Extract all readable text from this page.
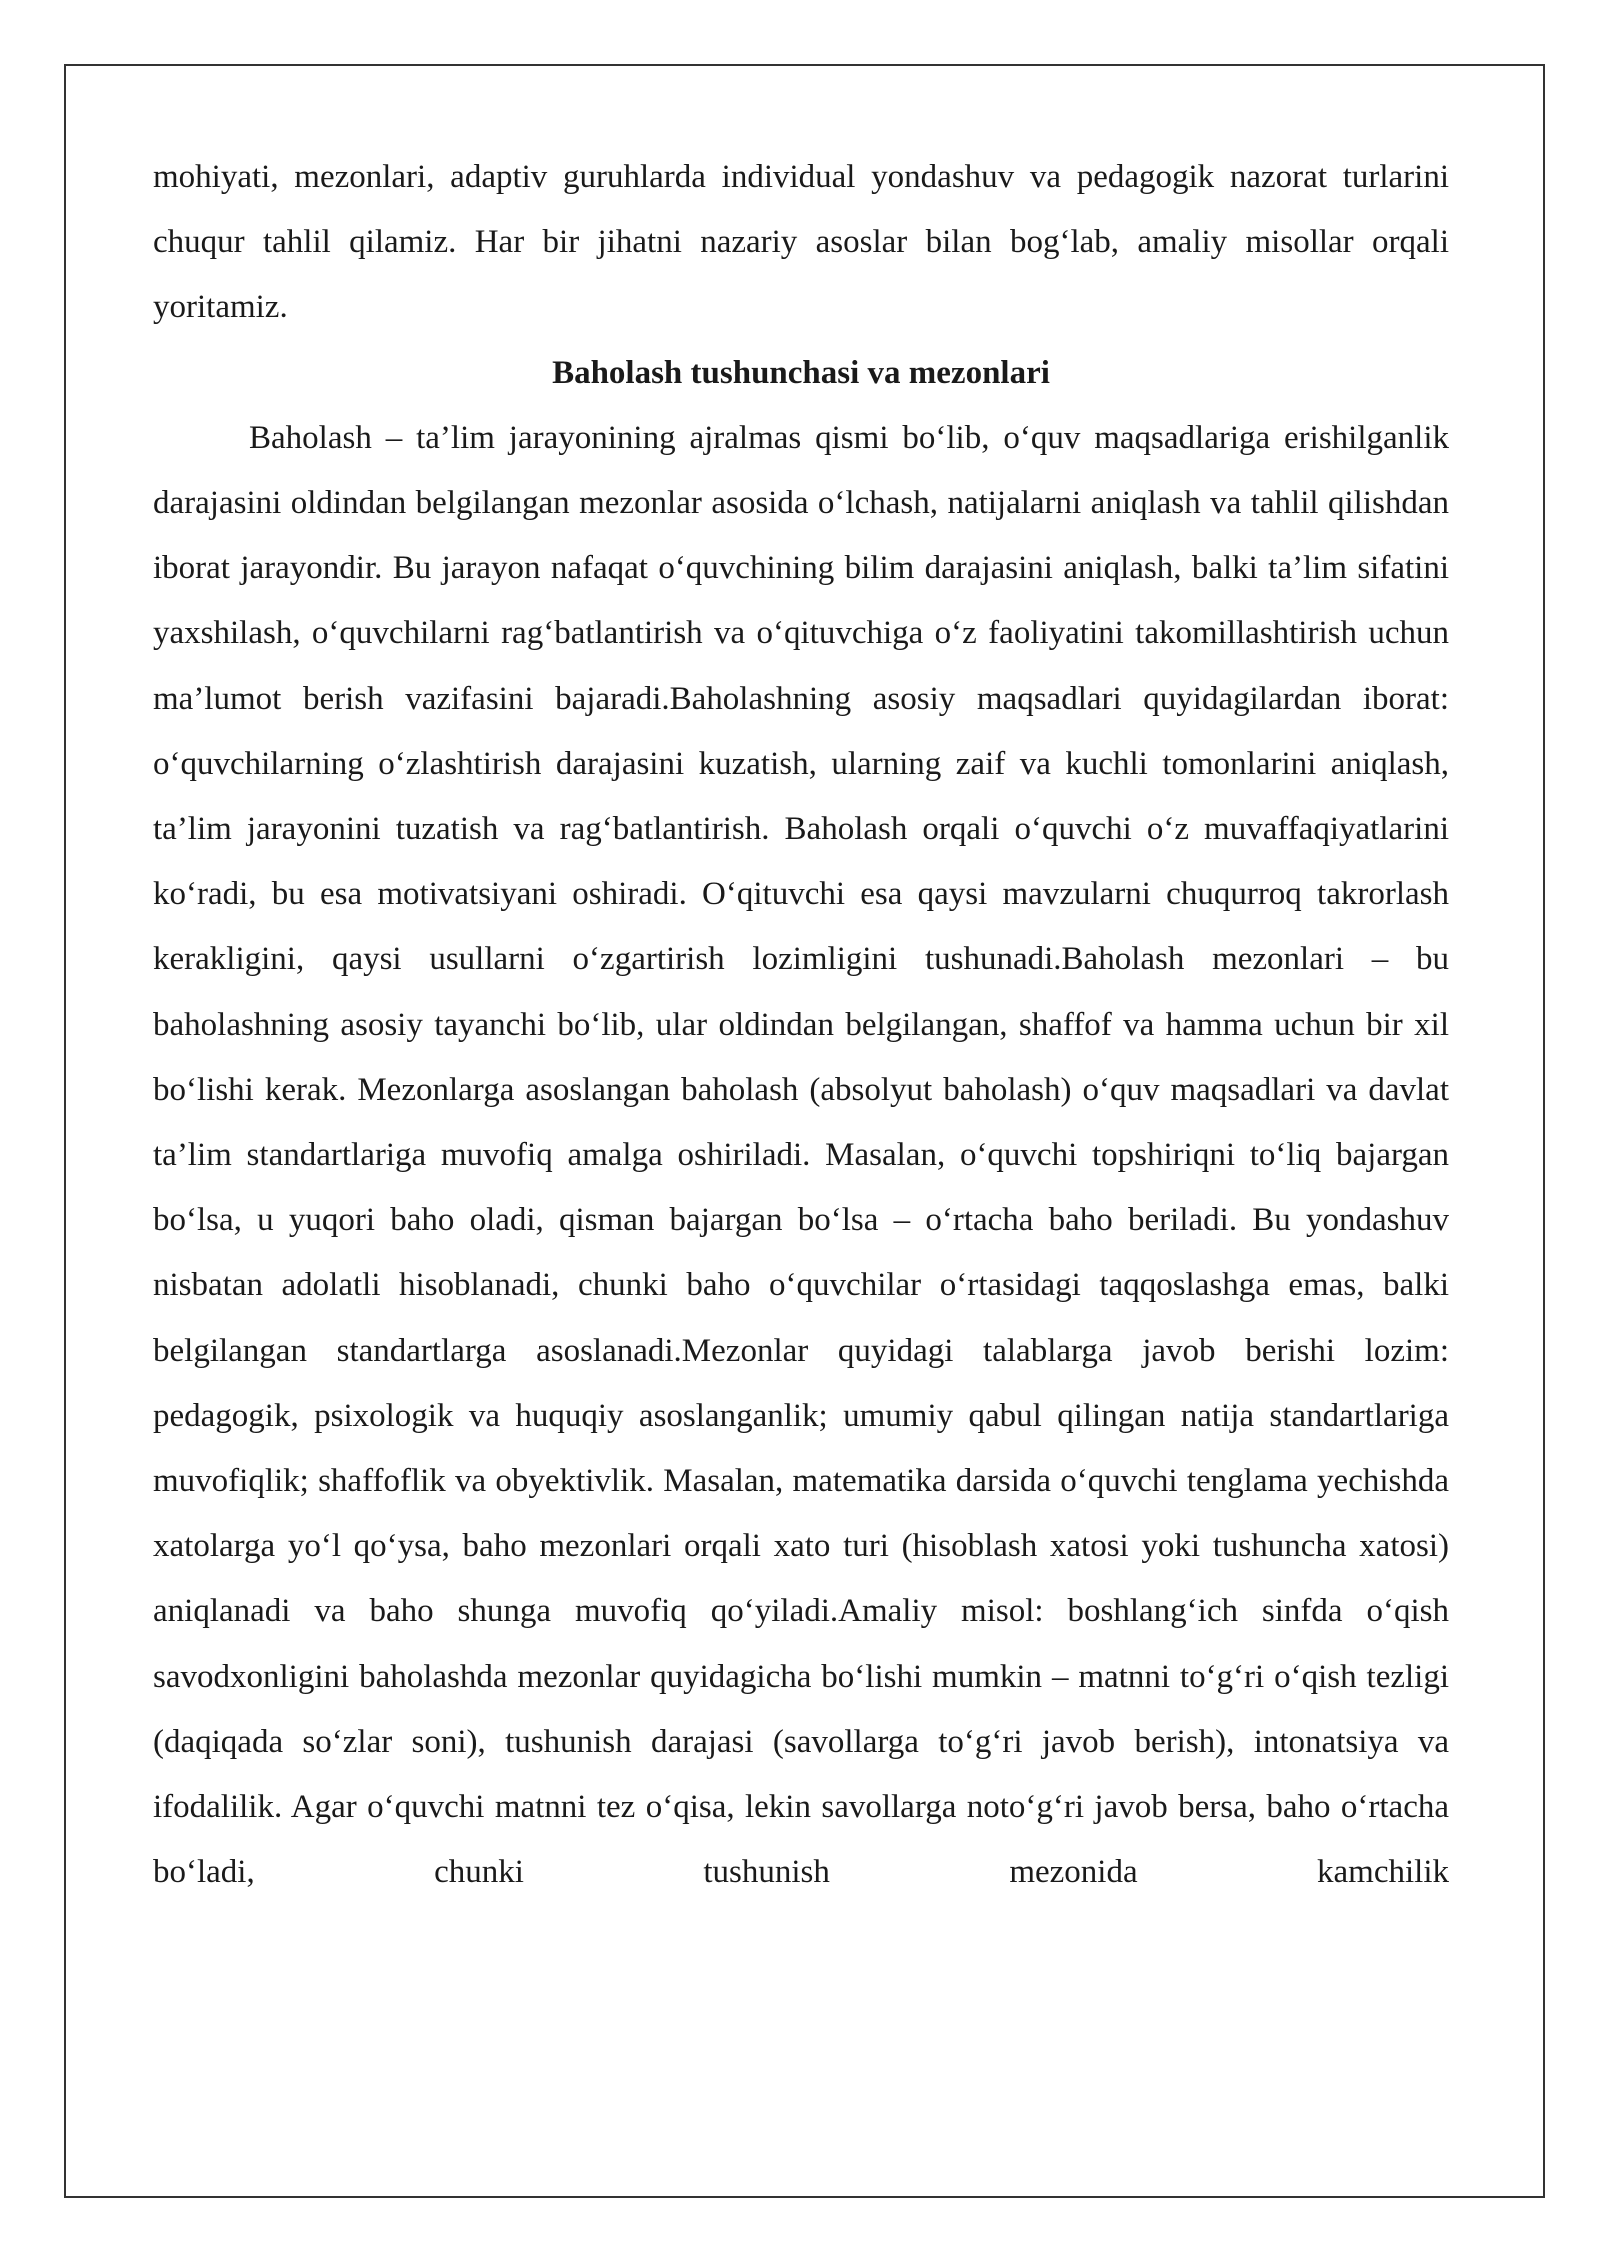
mohiyati, mezonlari, adaptiv guruhlarda individual yondashuv va pedagogik nazorat turlarini chuqur tahlil qilamiz. Har bir jihatni nazariy asoslar bilan bog‘lab, amaliy misollar orqali yoritamiz.

Baholash tushunchasi va mezonlari

Baholash – ta’lim jarayonining ajralmas qismi bo‘lib, o‘quv maqsadlariga erishilganlik darajasini oldindan belgilangan mezonlar asosida o‘lchash, natijalarni aniqlash va tahlil qilishdan iborat jarayondir. Bu jarayon nafaqat o‘quvchining bilim darajasini aniqlash, balki ta’lim sifatini yaxshilash, o‘quvchilarni rag‘batlantirish va o‘qituvchiga o‘z faoliyatini takomillashtirish uchun ma’lumot berish vazifasini bajaradi.Baholashning asosiy maqsadlari quyidagilardan iborat: o‘quvchilarning o‘zlashtirish darajasini kuzatish, ularning zaif va kuchli tomonlarini aniqlash, ta’lim jarayonini tuzatish va rag‘batlantirish. Baholash orqali o‘quvchi o‘z muvaffaqiyatlarini ko‘radi, bu esa motivatsiyani oshiradi. O‘qituvchi esa qaysi mavzularni chuqurroq takrorlash kerakligini, qaysi usullarni o‘zgartirish lozimligini tushunadi.Baholash mezonlari – bu baholashning asosiy tayanchi bo‘lib, ular oldindan belgilangan, shaffof va hamma uchun bir xil bo‘lishi kerak. Mezonlarga asoslangan baholash (absolyut baholash) o‘quv maqsadlari va davlat ta’lim standartlariga muvofiq amalga oshiriladi. Masalan, o‘quvchi topshiriqni to‘liq bajargan bo‘lsa, u yuqori baho oladi, qisman bajargan bo‘lsa – o‘rtacha baho beriladi. Bu yondashuv nisbatan adolatli hisoblanadi, chunki baho o‘quvchilar o‘rtasidagi taqqoslashga emas, balki belgilangan standartlarga asoslanadi.Mezonlar quyidagi talablarga javob berishi lozim: pedagogik, psixologik va huquqiy asoslanganlik; umumiy qabul qilingan natija standartlariga muvofiqlik; shaffoflik va obyektivlik. Masalan, matematika darsida o‘quvchi tenglama yechishda xatolarga yo‘l qo‘ysa, baho mezonlari orqali xato turi (hisoblash xatosi yoki tushuncha xatosi) aniqlanadi va baho shunga muvofiq qo‘yiladi.Amaliy misol: boshlang‘ich sinfda o‘qish savodxonligini baholashda mezonlar quyidagicha bo‘lishi mumkin – matnni to‘g‘ri o‘qish tezligi (daqiqada so‘zlar soni), tushunish darajasi (savollarga to‘g‘ri javob berish), intonatsiya va ifodalilik. Agar o‘quvchi matnni tez o‘qisa, lekin savollarga noto‘g‘ri javob bersa, baho o‘rtacha bo‘ladi, chunki tushunish mezonida kamchilik
